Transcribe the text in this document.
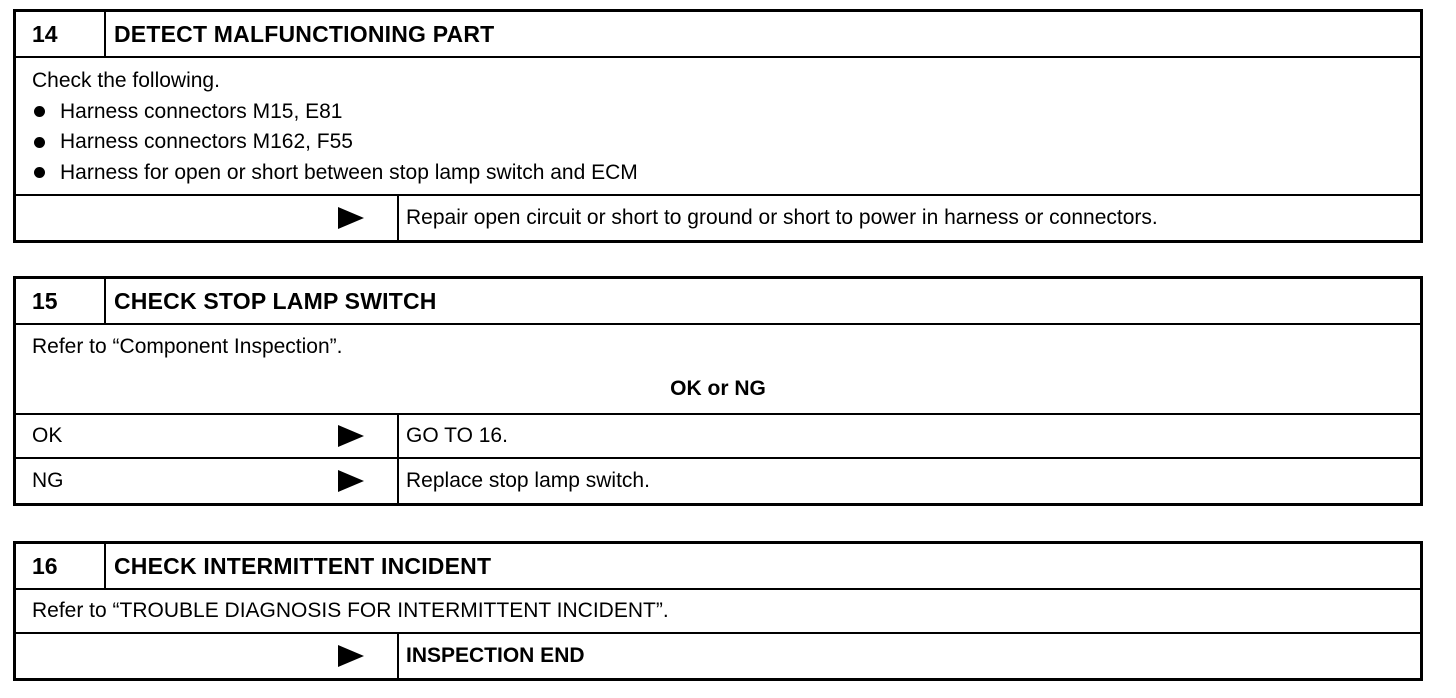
14	DETECT MALFUNCTIONING PART
Check the following.
Harness connectors M15, E81
Harness connectors M162, F55
Harness for open or short between stop lamp switch and ECM
Repair open circuit or short to ground or short to power in harness or connectors.
15	CHECK STOP LAMP SWITCH
Refer to “Component Inspection”.
OK or NG
OK	GO TO 16.
NG	Replace stop lamp switch.
16	CHECK INTERMITTENT INCIDENT
Refer to “TROUBLE DIAGNOSIS FOR INTERMITTENT INCIDENT”.
INSPECTION END
